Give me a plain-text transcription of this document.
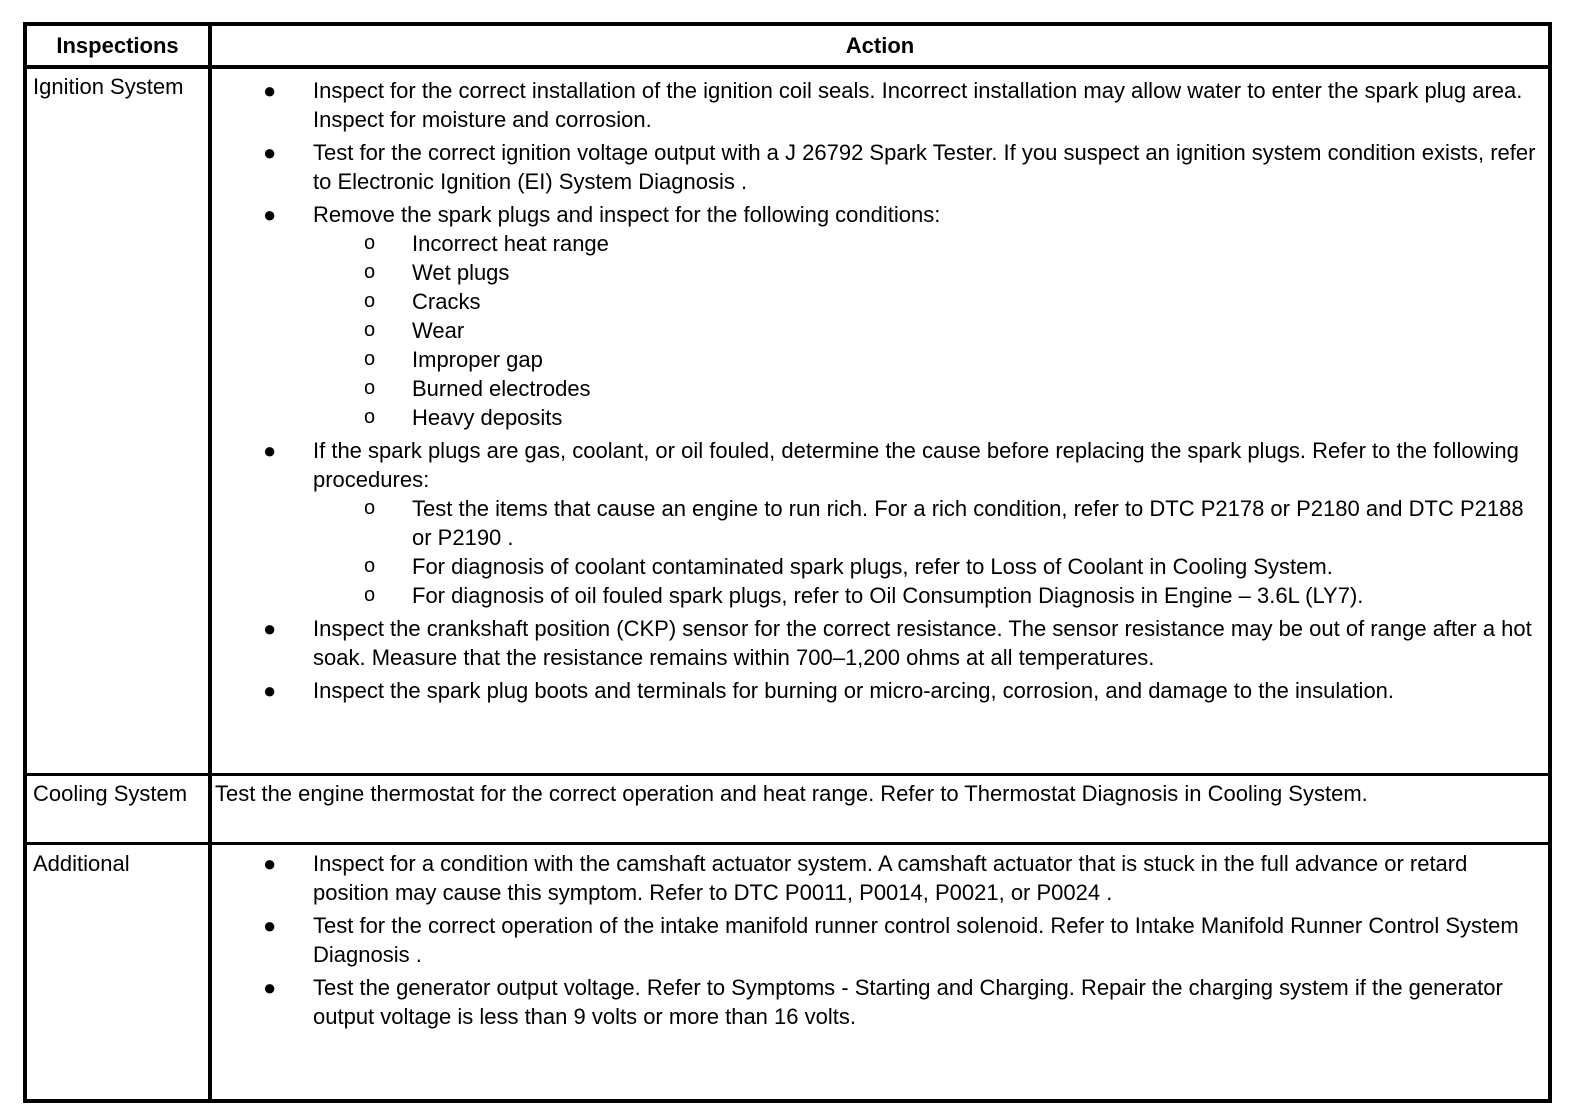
Inspections	Action
Ignition System	● Inspect for the correct installation of the ignition coil seals. Incorrect installation may allow water to enter the spark plug area. Inspect for moisture and corrosion.
● Test for the correct ignition voltage output with a J 26792 Spark Tester. If you suspect an ignition system condition exists, refer to Electronic Ignition (EI) System Diagnosis .
● Remove the spark plugs and inspect for the following conditions:
o Incorrect heat range
o Wet plugs
o Cracks
o Wear
o Improper gap
o Burned electrodes
o Heavy deposits
● If the spark plugs are gas, coolant, or oil fouled, determine the cause before replacing the spark plugs. Refer to the following procedures:
o Test the items that cause an engine to run rich. For a rich condition, refer to DTC P2178 or P2180 and DTC P2188 or P2190 .
o For diagnosis of coolant contaminated spark plugs, refer to Loss of Coolant in Cooling System.
o For diagnosis of oil fouled spark plugs, refer to Oil Consumption Diagnosis in Engine – 3.6L (LY7).
● Inspect the crankshaft position (CKP) sensor for the correct resistance. The sensor resistance may be out of range after a hot soak. Measure that the resistance remains within 700–1,200 ohms at all temperatures.
● Inspect the spark plug boots and terminals for burning or micro-arcing, corrosion, and damage to the insulation.
Cooling System	Test the engine thermostat for the correct operation and heat range. Refer to Thermostat Diagnosis in Cooling System.
Additional	● Inspect for a condition with the camshaft actuator system. A camshaft actuator that is stuck in the full advance or retard position may cause this symptom. Refer to DTC P0011, P0014, P0021, or P0024 .
● Test for the correct operation of the intake manifold runner control solenoid. Refer to Intake Manifold Runner Control System Diagnosis .
● Test the generator output voltage. Refer to Symptoms - Starting and Charging. Repair the charging system if the generator output voltage is less than 9 volts or more than 16 volts.
